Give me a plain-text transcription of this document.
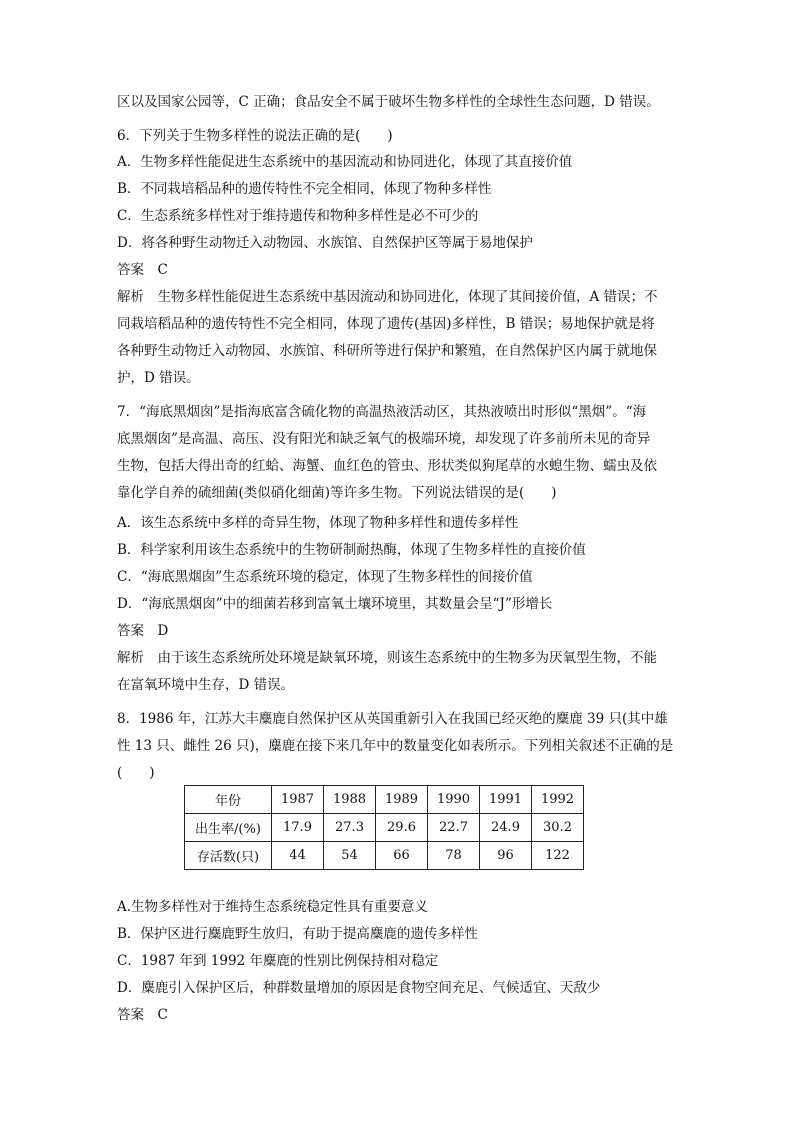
区以及国家公园等，C 正确；食品安全不属于破坏生物多样性的全球性生态问题，D 错误。
6．下列关于生物多样性的说法正确的是(　　)
A．生物多样性能促进生态系统中的基因流动和协同进化，体现了其直接价值
B．不同栽培稻品种的遗传特性不完全相同，体现了物种多样性
C．生态系统多样性对于维持遗传和物种多样性是必不可少的
D．将各种野生动物迁入动物园、水族馆、自然保护区等属于易地保护
答案　C
解析　生物多样性能促进生态系统中基因流动和协同进化，体现了其间接价值，A 错误；不
同栽培稻品种的遗传特性不完全相同，体现了遗传(基因)多样性，B 错误；易地保护就是将
各种野生动物迁入动物园、水族馆、科研所等进行保护和繁殖，在自然保护区内属于就地保
护，D 错误。
7．“海底黑烟囱”是指海底富含硫化物的高温热液活动区，其热液喷出时形似“黑烟”。“海
底黑烟囱”是高温、高压、没有阳光和缺乏氧气的极端环境，却发现了许多前所未见的奇异
生物，包括大得出奇的红蛤、海蟹、血红色的管虫、形状类似狗尾草的水螅生物、蠕虫及依
靠化学自养的硫细菌(类似硝化细菌)等许多生物。下列说法错误的是(　　)
A．该生态系统中多样的奇异生物，体现了物种多样性和遗传多样性
B．科学家利用该生态系统中的生物研制耐热酶，体现了生物多样性的直接价值
C．“海底黑烟囱”生态系统环境的稳定，体现了生物多样性的间接价值
D．“海底黑烟囱”中的细菌若移到富氧土壤环境里，其数量会呈“J”形增长
答案　D
解析　由于该生态系统所处环境是缺氧环境，则该生态系统中的生物多为厌氧型生物，不能
在富氧环境中生存，D 错误。
8．1986 年，江苏大丰麋鹿自然保护区从英国重新引入在我国已经灭绝的麋鹿 39 只(其中雄
性 13 只、雌性 26 只)，麋鹿在接下来几年中的数量变化如表所示。下列相关叙述不正确的是
(　　)
年份	1987	1988	1989	1990	1991	1992
出生率/(%)	17.9	27.3	29.6	22.7	24.9	30.2
存活数(只)	44	54	66	78	96	122
A.生物多样性对于维持生态系统稳定性具有重要意义
B．保护区进行麋鹿野生放归，有助于提高麋鹿的遗传多样性
C．1987 年到 1992 年麋鹿的性别比例保持相对稳定
D．麋鹿引入保护区后，种群数量增加的原因是食物空间充足、气候适宜、天敌少
答案　C
